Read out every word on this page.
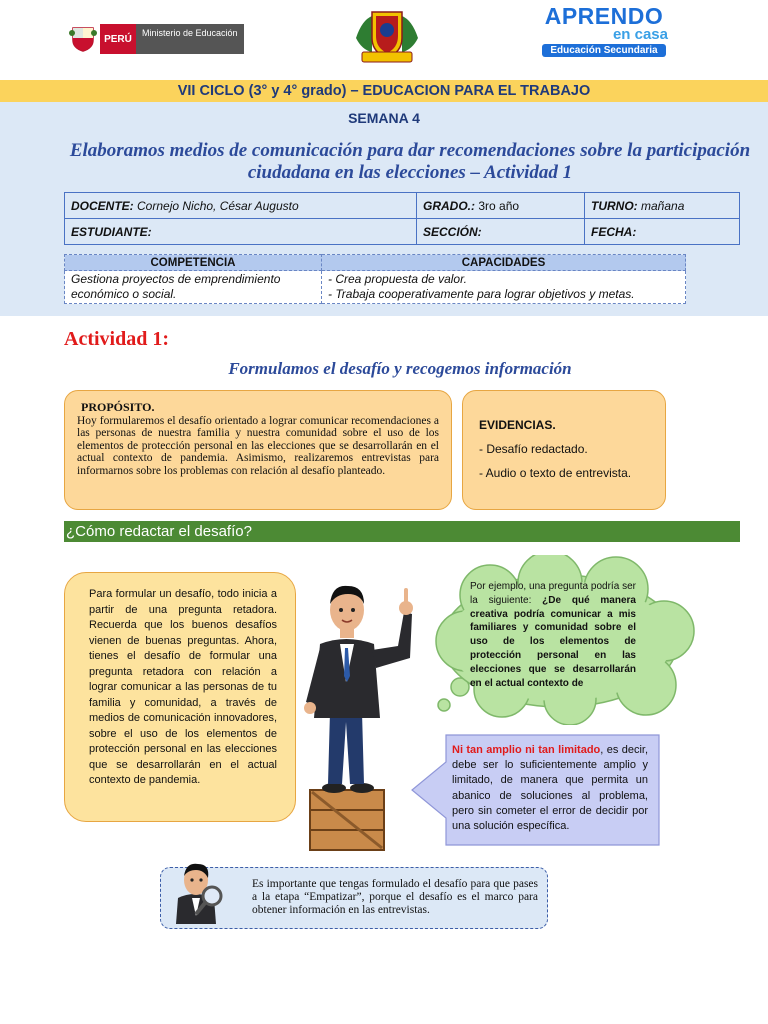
PERÚ
Ministerio de Educación
APRENDO
en casa
Educación Secundaria
VII CICLO (3° y 4° grado) – EDUCACION PARA EL TRABAJO
SEMANA 4
Elaboramos medios de comunicación para dar recomendaciones sobre la participación ciudadana en las elecciones – Actividad 1
DOCENTE: Cornejo Nicho, César Augusto	GRADO.: 3ro año	TURNO: mañana
ESTUDIANTE:	SECCIÓN:	FECHA:
COMPETENCIA	CAPACIDADES
Gestiona proyectos de emprendimiento económico o social.	- Crea propuesta de valor.
- Trabaja cooperativamente para lograr objetivos y metas.
Actividad 1:
Formulamos el desafío y recogemos información
PROPÓSITO.
Hoy formularemos el desafío orientado a lograr comunicar recomendaciones a las personas de nuestra familia y nuestra comunidad sobre el uso de los elementos de protección personal en las elecciones que se desarrollarán en el actual contexto de pandemia. Asimismo, realizaremos entrevistas para informarnos sobre los problemas con relación al desafío planteado.
EVIDENCIAS.
- Desafío redactado.
- Audio o texto de entrevista.
¿Cómo redactar el desafío?
Para formular un desafío, todo inicia a partir de una pregunta retadora. Recuerda que los buenos desafíos vienen de buenas preguntas. Ahora, tienes el desafío de formular una pregunta retadora con relación a lograr comunicar a las personas de tu familia y comunidad, a través de medios de comunicación innovadores, sobre el uso de los elementos de protección personal en las elecciones que se desarrollarán en el actual contexto de pandemia.
Por ejemplo, una pregunta podría ser la siguiente: ¿De qué manera creativa podría comunicar a mis familiares y comunidad sobre el uso de los elementos de protección personal en las elecciones que se desarrollarán en el actual contexto de
Ni tan amplio ni tan limitado, es decir, debe ser lo suficientemente amplio y limitado, de manera que permita un abanico de soluciones al problema, pero sin cometer el error de decidir por una solución específica.
Es importante que tengas formulado el desafío para que pases a la etapa “Empatizar”, porque el desafío es el marco para obtener información en las entrevistas.
